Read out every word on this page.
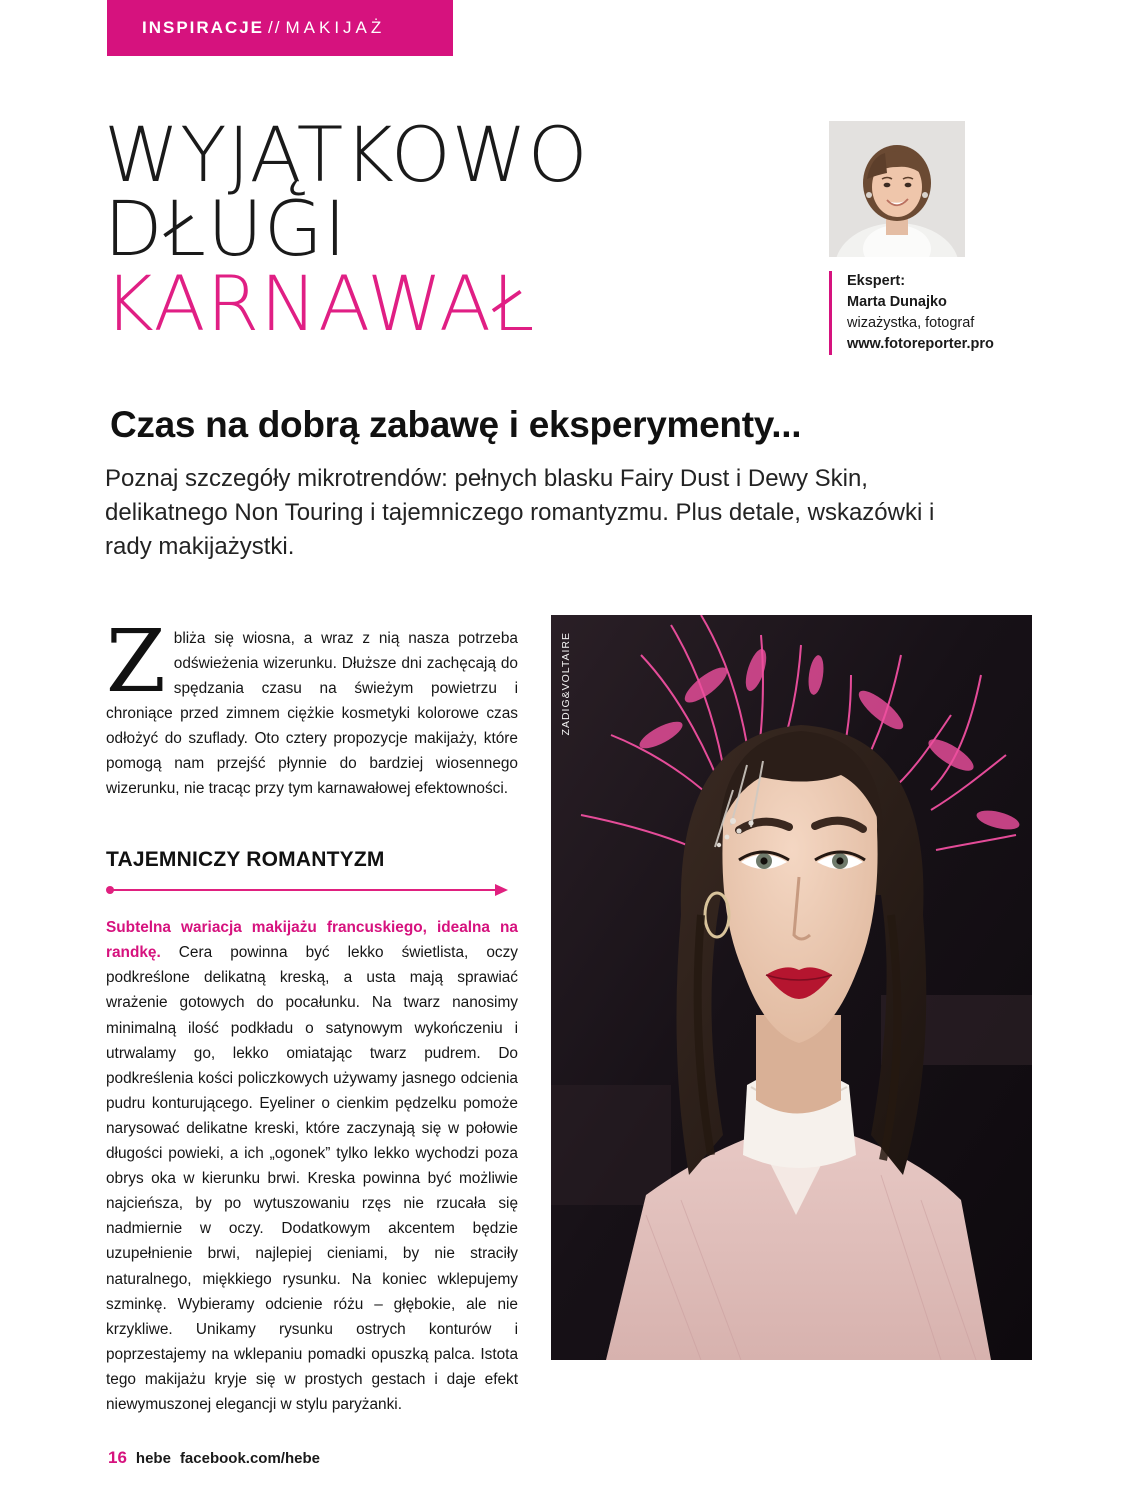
INSPIRACJE // MAKIJAŻ
WYJĄTKOWO
DŁUGI
KARNAWAŁ
Czas na dobrą zabawę i eksperymenty...
Poznaj szczegóły mikrotrendów: pełnych blasku Fairy Dust i Dewy Skin, delikatnego Non Touring i tajemniczego romantyzmu. Plus detale, wskazówki i rady makijażystki.
Ekspert:
Marta Dunajko
wizażystka, fotograf
www.fotoreporter.pro

Zbliża się wiosna, a wraz z nią nasza potrzeba odświeżenia wizerunku. Dłuższe dni zachęcają do spędzania czasu na świeżym powietrzu i chroniące przed zimnem ciężkie kosmetyki kolorowe czas odłożyć do szuflady. Oto cztery propozycje makijaży, które pomogą nam przejść płynnie do bardziej wiosennego wizerunku, nie tracąc przy tym karnawałowej efektowności.

TAJEMNICZY ROMANTYZM

Subtelna wariacja makijażu francuskiego, idealna na randkę. Cera powinna być lekko świetlista, oczy podkreślone delikatną kreską, a usta mają sprawiać wrażenie gotowych do pocałunku. Na twarz nanosimy minimalną ilość podkładu o satynowym wykończeniu i utrwalamy go, lekko omiatając twarz pudrem. Do podkreślenia kości policzkowych używamy jasnego odcienia pudru konturującego. Eyeliner o cienkim pędzelku pomoże narysować delikatne kreski, które zaczynają się w połowie długości powieki, a ich „ogonek” tylko lekko wychodzi poza obrys oka w kierunku brwi. Kreska powinna być możliwie najcieńsza, by po wytuszowaniu rzęs nie rzucała się nadmiernie w oczy. Dodatkowym akcentem będzie uzupełnienie brwi, najlepiej cieniami, by nie straciły naturalnego, miękkiego rysunku. Na koniec wklepujemy szminkę. Wybieramy odcienie różu – głębokie, ale nie krzykliwe. Unikamy rysunku ostrych konturów i poprzestajemy na wklepaniu pomadki opuszką palca. Istota tego makijażu kryje się w prostych gestach i daje efekt niewymuszonej elegancji w stylu paryżanki.

ZADIG&VOLTAIRE
16 hebe facebook.com/hebe
